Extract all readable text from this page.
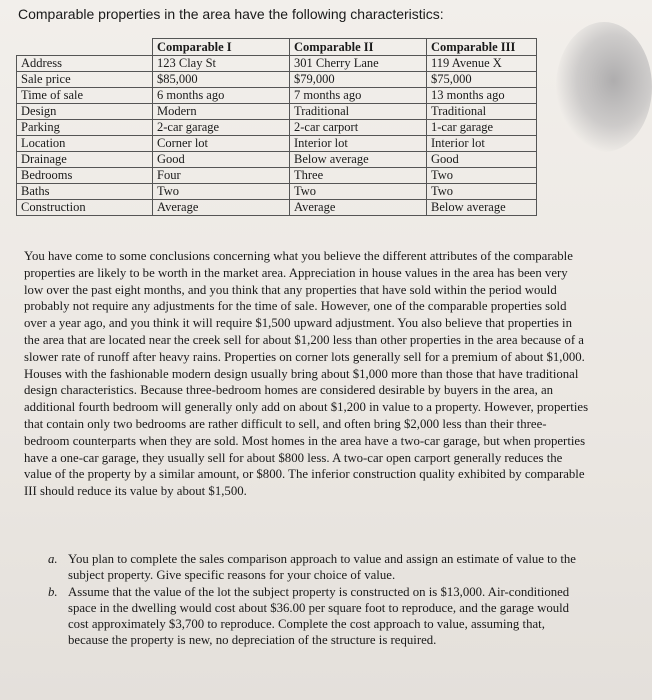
Comparable properties in the area have the following characteristics:
	Comparable I	Comparable II	Comparable III
Address	123 Clay St	301 Cherry Lane	119 Avenue X
Sale price	$85,000	$79,000	$75,000
Time of sale	6 months ago	7 months ago	13 months ago
Design	Modern	Traditional	Traditional
Parking	2-car garage	2-car carport	1-car garage
Location	Corner lot	Interior lot	Interior lot
Drainage	Good	Below average	Good
Bedrooms	Four	Three	Two
Baths	Two	Two	Two
Construction	Average	Average	Below average

You have come to some conclusions concerning what you believe the different attributes of the comparable properties are likely to be worth in the market area. Appreciation in house values in the area has been very low over the past eight months, and you think that any properties that have sold within the period would probably not require any adjustments for the time of sale. However, one of the comparable properties sold over a year ago, and you think it will require $1,500 upward adjustment. You also believe that properties in the area that are located near the creek sell for about $1,200 less than other properties in the area because of a slower rate of runoff after heavy rains. Properties on corner lots generally sell for a premium of about $1,000. Houses with the fashionable modern design usually bring about $1,000 more than those that have traditional design characteristics. Because three-bedroom homes are considered desirable by buyers in the area, an additional fourth bedroom will generally only add on about $1,200 in value to a property. However, properties that contain only two bedrooms are rather difficult to sell, and often bring $2,000 less than their three-bedroom counterparts when they are sold. Most homes in the area have a two-car garage, but when properties have a one-car garage, they usually sell for about $800 less. A two-car open carport generally reduces the value of the property by a similar amount, or $800. The inferior construction quality exhibited by comparable III should reduce its value by about $1,500.

a. You plan to complete the sales comparison approach to value and assign an estimate of value to the subject property. Give specific reasons for your choice of value.
b. Assume that the value of the lot the subject property is constructed on is $13,000. Air-conditioned space in the dwelling would cost about $36.00 per square foot to reproduce, and the garage would cost approximately $3,700 to reproduce. Complete the cost approach to value, assuming that, because the property is new, no depreciation of the structure is required.
